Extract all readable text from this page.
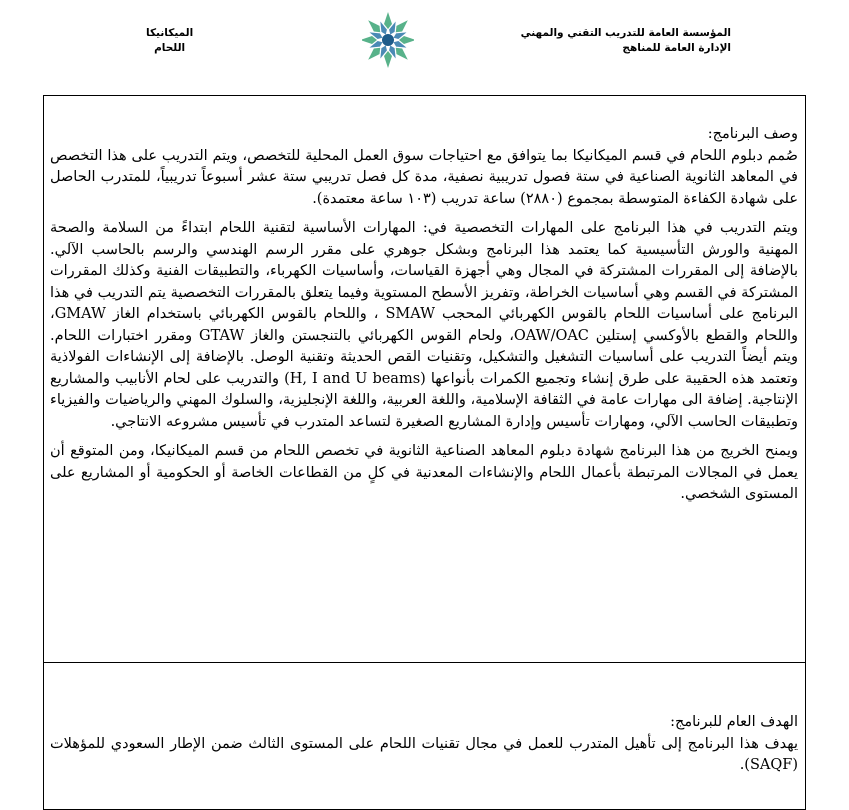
المؤسسة العامة للتدريب التقني والمهني
الإدارة العامة للمناهج
الميكانيكا
اللحام

وصف البرنامج:

صُمم دبلوم اللحام في قسم الميكانيكا بما يتوافق مع احتياجات سوق العمل المحلية للتخصص، ويتم التدريب على هذا التخصص في المعاهد الثانوية الصناعية في ستة فصول تدريبية نصفية، مدة كل فصل تدريبي ستة عشر أسبوعاً تدريبياً، للمتدرب الحاصل على شهادة الكفاءة المتوسطة بمجموع (٢٨٨٠) ساعة تدريب (١٠٣ ساعة معتمدة).

ويتم التدريب في هذا البرنامج على المهارات التخصصية في: المهارات الأساسية لتقنية اللحام ابتداءً من السلامة والصحة المهنية والورش التأسيسية كما يعتمد هذا البرنامج وبشكل جوهري على مقرر الرسم الهندسي والرسم بالحاسب الآلي. بالإضافة إلى المقررات المشتركة في المجال وهي أجهزة القياسات، وأساسيات الكهرباء، والتطبيقات الفنية وكذلك المقررات المشتركة في القسم وهي أساسيات الخراطة، وتفريز الأسطح المستوية وفيما يتعلق بالمقررات التخصصية يتم التدريب في هذا البرنامج على أساسيات اللحام بالقوس الكهربائي المحجب SMAW ، واللحام بالقوس الكهربائي باستخدام الغاز GMAW، واللحام والقطع بالأوكسي إستلين OAW/OAC، ولحام القوس الكهربائي بالتنجستن والغاز GTAW ومقرر اختبارات اللحام. ويتم أيضاً التدريب على أساسيات التشغيل والتشكيل، وتقنيات القص الحديثة وتقنية الوصل. بالإضافة إلى الإنشاءات الفولاذية وتعتمد هذه الحقيبة على طرق إنشاء وتجميع الكمرات بأنواعها (H, I and U beams) والتدريب على لحام الأنابيب والمشاريع الإنتاجية. إضافة الى مهارات عامة في الثقافة الإسلامية، واللغة العربية، واللغة الإنجليزية، والسلوك المهني والرياضيات والفيزياء وتطبيقات الحاسب الآلي، ومهارات تأسيس وإدارة المشاريع الصغيرة لتساعد المتدرب في تأسيس مشروعه الانتاجي.

ويمنح الخريج من هذا البرنامج شهادة دبلوم المعاهد الصناعية الثانوية في تخصص اللحام من قسم الميكانيكا، ومن المتوقع أن يعمل في المجالات المرتبطة بأعمال اللحام والإنشاءات المعدنية في كلٍ من القطاعات الخاصة أو الحكومية أو المشاريع على المستوى الشخصي.

الهدف العام للبرنامج:

يهدف هذا البرنامج إلى تأهيل المتدرب للعمل في مجال تقنيات اللحام على المستوى الثالث ضمن الإطار السعودي للمؤهلات (SAQF).
